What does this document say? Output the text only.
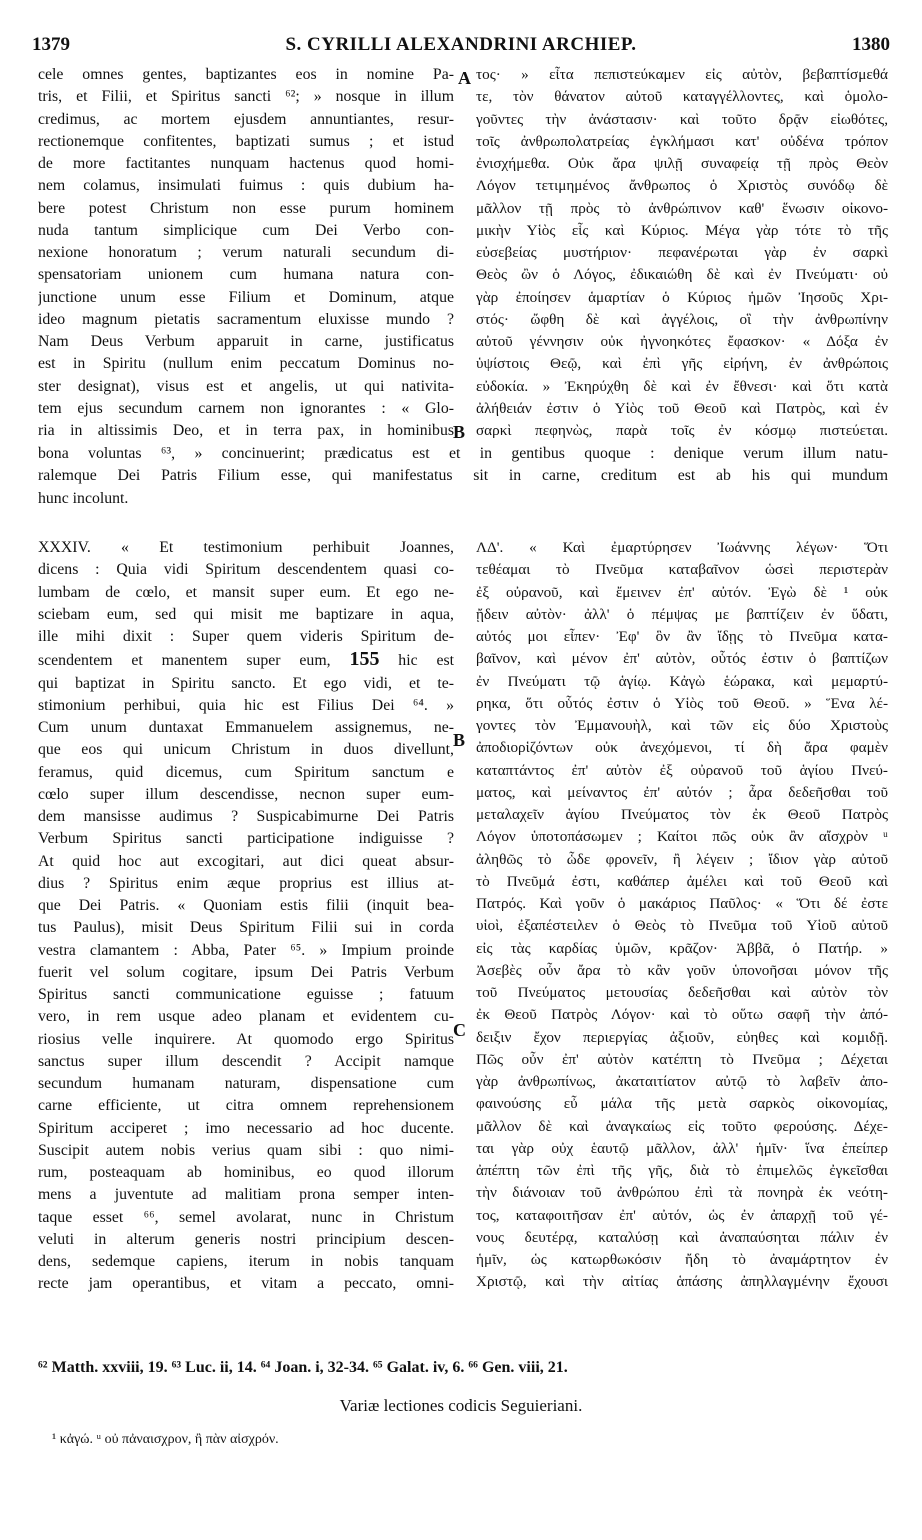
1379	S. CYRILLI ALEXANDRINI ARCHIEP.	1380
A
B
B
C
cele omnes gentes, baptizantes eos in nomine Pa-
tris, et Filii, et Spiritus sancti ⁶²; » nosque in illum
credimus, ac mortem ejusdem annuntiantes, resur-
rectionemque confitentes, baptizati sumus ; et istud
de more factitantes nunquam hactenus quod homi-
nem colamus, insimulati fuimus : quis dubium ha-
bere potest Christum non esse purum hominem
nuda tantum simplicique cum Dei Verbo con-
nexione honoratum ; verum naturali secundum di-
spensatoriam unionem cum humana natura con-
junctione unum esse Filium et Dominum, atque
ideo magnum pietatis sacramentum eluxisse mundo ?
Nam Deus Verbum apparuit in carne, justificatus
est in Spiritu (nullum enim peccatum Dominus no-
ster designat), visus est et angelis, ut qui nativita-
tem ejus secundum carnem non ignorantes : « Glo-
ria in altissimis Deo, et in terra pax, in hominibus
τος· » εἶτα πεπιστεύκαμεν εἰς αὐτὸν, βεβαπτίσμεθά
τε, τὸν θάνατον αὐτοῦ καταγγέλλοντες, καὶ ὁμολο-
γοῦντες τὴν ἀνάστασιν· καὶ τοῦτο δρᾷν εἰωθότες,
τοῖς ἀνθρωπολατρείας ἐγκλήμασι κατ' οὐδένα τρόπον
ἐνισχήμεθα. Οὐκ ἄρα ψιλῇ συναφείᾳ τῇ πρὸς Θεὸν
Λόγον τετιμημένος ἄνθρωπος ὁ Χριστὸς συνόδῳ δὲ
μᾶλλον τῇ πρὸς τὸ ἀνθρώπινον καθ' ἕνωσιν οἰκονο-
μικὴν Υἱὸς εἷς καὶ Κύριος. Μέγα γὰρ τότε τὸ τῆς
εὐσεβείας μυστήριον· πεφανέρωται γὰρ ἐν σαρκὶ
Θεὸς ὢν ὁ Λόγος, ἐδικαιώθη δὲ καὶ ἐν Πνεύματι· οὐ
γὰρ ἐποίησεν ἁμαρτίαν ὁ Κύριος ἡμῶν Ἰησοῦς Χρι-
στός· ὤφθη δὲ καὶ ἀγγέλοις, οἳ τὴν ἀνθρωπίνην
αὐτοῦ γέννησιν οὐκ ἠγνοηκότες ἔφασκον· « Δόξα ἐν
ὑψίστοις Θεῷ, καὶ ἐπὶ γῆς εἰρήνη, ἐν ἀνθρώποις
εὐδοκία. » Ἐκηρύχθη δὲ καὶ ἐν ἔθνεσι· καὶ ὅτι κατὰ
ἀλήθειάν ἐστιν ὁ Υἱὸς τοῦ Θεοῦ καὶ Πατρὸς, καὶ ἐν
σαρκὶ πεφηνὼς, παρὰ τοῖς ἐν κόσμῳ πιστεύεται.
bona voluntas ⁶³, » concinuerint; prædicatus est et in gentibus quoque : denique verum illum natu-
ralemque Dei Patris Filium esse, qui manifestatus sit in carne, creditum est ab his qui mundum
hunc incolunt.
XXXIV. « Et testimonium perhibuit Joannes,
dicens : Quia vidi Spiritum descendentem quasi co-
lumbam de cœlo, et mansit super eum. Et ego ne-
sciebam eum, sed qui misit me baptizare in aqua,
ille mihi dixit : Super quem videris Spiritum de-
scendentem et manentem super eum, 155 hic est
qui baptizat in Spiritu sancto. Et ego vidi, et te-
stimonium perhibui, quia hic est Filius Dei ⁶⁴. »
Cum unum duntaxat Emmanuelem assignemus, ne-
que eos qui unicum Christum in duos divellunt,
feramus, quid dicemus, cum Spiritum sanctum e
cœlo super illum descendisse, necnon super eum-
dem mansisse audimus ? Suspicabimurne Dei Patris
Verbum Spiritus sancti participatione indiguisse ?
At quid hoc aut excogitari, aut dici queat absur-
dius ? Spiritus enim æque proprius est illius at-
que Dei Patris. « Quoniam estis filii (inquit bea-
tus Paulus), misit Deus Spiritum Filii sui in corda
vestra clamantem : Abba, Pater ⁶⁵. » Impium proinde
fuerit vel solum cogitare, ipsum Dei Patris Verbum
Spiritus sancti communicatione eguisse ; fatuum
vero, in rem usque adeo planam et evidentem cu-
riosius velle inquirere. At quomodo ergo Spiritus
sanctus super illum descendit ? Accipit namque
secundum humanam naturam, dispensatione cum
carne efficiente, ut citra omnem reprehensionem
Spiritum acciperet ; imo necessario ad hoc ducente.
Suscipit autem nobis verius quam sibi : quo nimi-
rum, posteaquam ab hominibus, eo quod illorum
mens a juventute ad malitiam prona semper inten-
taque esset ⁶⁶, semel avolarat, nunc in Christum
veluti in alterum generis nostri principium descen-
dens, sedemque capiens, iterum in nobis tanquam
recte jam operantibus, et vitam a peccato, omni-
ΛΔ'. « Καὶ ἐμαρτύρησεν Ἰωάννης λέγων· Ὅτι
τεθέαμαι τὸ Πνεῦμα καταβαῖνον ὡσεὶ περιστερὰν
ἐξ οὐρανοῦ, καὶ ἔμεινεν ἐπ' αὐτόν. Ἐγὼ δὲ ¹ οὐκ
ᾔδειν αὐτὸν· ἀλλ' ὁ πέμψας με βαπτίζειν ἐν ὕδατι,
αὐτός μοι εἶπεν· Ἐφ' ὃν ἂν ἴδῃς τὸ Πνεῦμα κατα-
βαῖνον, καὶ μένον ἐπ' αὐτὸν, οὗτός ἐστιν ὁ βαπτίζων
ἐν Πνεύματι τῷ ἁγίῳ. Κἀγὼ ἑώρακα, καὶ μεμαρτύ-
ρηκα, ὅτι οὗτός ἐστιν ὁ Υἱὸς τοῦ Θεοῦ. » Ἕνα λέ-
γοντες τὸν Ἐμμανουὴλ, καὶ τῶν εἰς δύο Χριστοὺς
ἀποδιορἱζόντων οὐκ ἀνεχόμενοι, τί δὴ ἄρα φαμὲν
καταπτάντος ἐπ' αὐτὸν ἐξ οὐρανοῦ τοῦ ἁγίου Πνεύ-
ματος, καὶ μείναντος ἐπ' αὐτόν ; ἆρα δεδεῆσθαι τοῦ
μεταλαχεῖν ἁγίου Πνεύματος τὸν ἐκ Θεοῦ Πατρὸς
Λόγον ὑποτοπάσωμεν ; Καίτοι πῶς οὐκ ἂν αἴσχρὸν ᵘ
ἀληθῶς τὸ ὧδε φρονεῖν, ἢ λέγειν ; ἴδιον γὰρ αὐτοῦ
τὸ Πνεῦμά ἐστι, καθάπερ ἀμέλει καὶ τοῦ Θεοῦ καὶ
Πατρός. Καὶ γοῦν ὁ μακάριος Παῦλος· « Ὅτι δέ ἐστε
υἱοὶ, ἐξαπέστειλεν ὁ Θεὸς τὸ Πνεῦμα τοῦ Υἱοῦ αὐτοῦ
εἰς τὰς καρδίας ὑμῶν, κρᾶζον· Ἀββᾶ, ὁ Πατήρ. »
Ἀσεβὲς οὖν ἄρα τὸ κἂν γοῦν ὑπονοῆσαι μόνον τῆς
τοῦ Πνεύματος μετουσίας δεδεῆσθαι καὶ αὐτὸν τὸν
ἐκ Θεοῦ Πατρὸς Λόγον· καὶ τὸ οὕτω σαφῆ τὴν ἀπό-
δειξιν ἔχον περιεργίας ἀξιοῦν, εὐηθες καὶ κομιδῇ.
Πῶς οὖν ἐπ' αὐτὸν κατέπτη τὸ Πνεῦμα ; Δέχεται
γὰρ ἀνθρωπίνως, ἀκαταιτίατον αὐτῷ τὸ λαβεῖν ἀπο-
φαινούσης εὖ μάλα τῆς μετὰ σαρκὸς οἰκονομίας,
μᾶλλον δὲ καὶ ἀναγκαίως εἰς τοῦτο φερούσης. Δέχε-
ται γὰρ οὐχ ἑαυτῷ μᾶλλον, ἀλλ' ἡμῖν· ἵνα ἐπείπερ
ἀπέπτη τῶν ἐπὶ τῆς γῆς, διὰ τὸ ἐπιμελῶς ἐγκεῖσθαι
τὴν διάνοιαν τοῦ ἀνθρώπου ἐπὶ τὰ πονηρὰ ἐκ νεότη-
τος, καταφοιτῆσαν ἐπ' αὐτόν, ὡς ἐν ἀπαρχῇ τοῦ γέ-
νους δευτέρᾳ, καταλύσῃ καὶ ἀναπαύσηται πάλιν ἐν
ἡμῖν, ὡς κατωρθωκόσιν ἤδη τὸ ἀναμάρτητον ἐν
Χριστῷ, καὶ τὴν αἰτίας ἁπάσης ἀπηλλαγμένην ἔχουσι
⁶² Matth. xxviii, 19. ⁶³ Luc. ii, 14. ⁶⁴ Joan. i, 32-34. ⁶⁵ Galat. iv, 6. ⁶⁶ Gen. viii, 21.
Variæ lectiones codicis Seguieriani.
¹ κἀγώ. ᵘ οὐ πἀναισχρον, ἢ πὰν αἰσχρόν.
